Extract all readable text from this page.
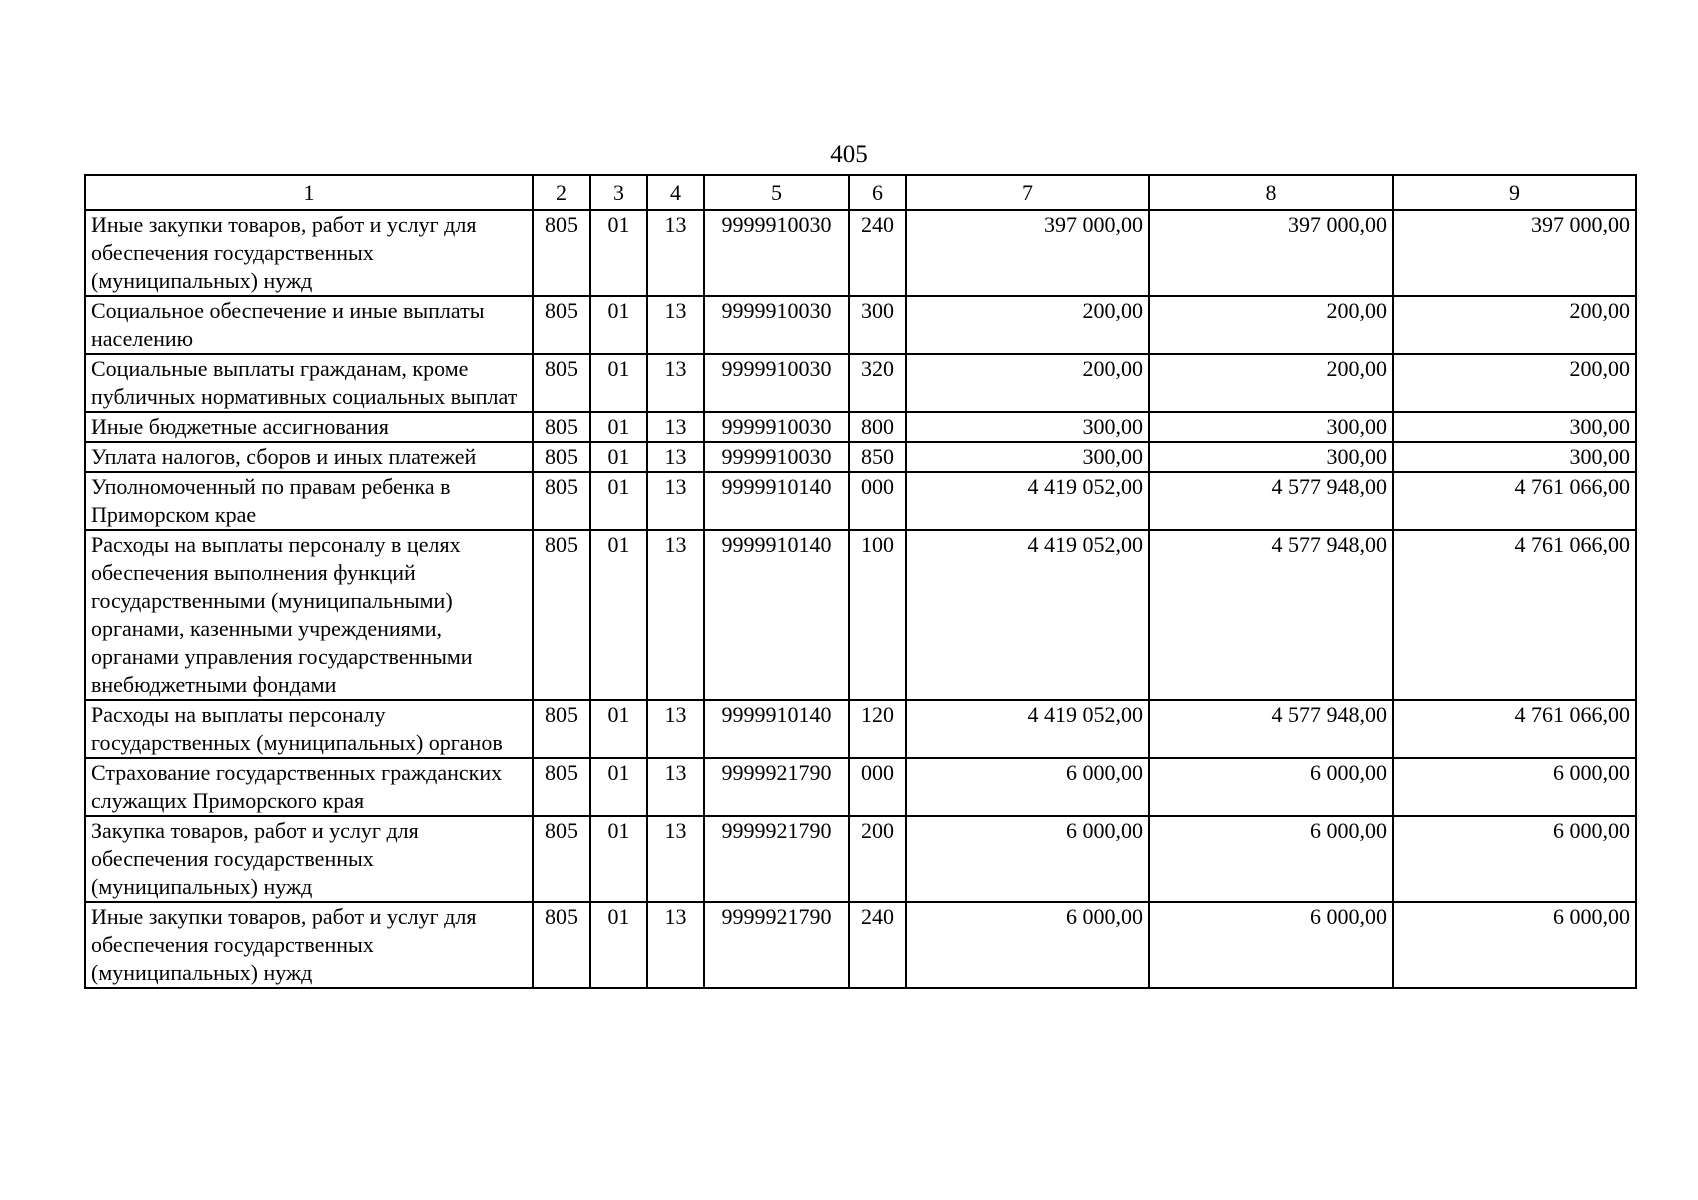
405
1	2	3	4	5	6	7	8	9
Иные закупки товаров, работ и услуг для обеспечения государственных (муниципальных) нужд	805	01	13	9999910030	240	397 000,00	397 000,00	397 000,00
Социальное обеспечение и иные выплаты населению	805	01	13	9999910030	300	200,00	200,00	200,00
Социальные выплаты гражданам, кроме публичных нормативных социальных выплат	805	01	13	9999910030	320	200,00	200,00	200,00
Иные бюджетные ассигнования	805	01	13	9999910030	800	300,00	300,00	300,00
Уплата налогов, сборов и иных платежей	805	01	13	9999910030	850	300,00	300,00	300,00
Уполномоченный по правам ребенка в Приморском крае	805	01	13	9999910140	000	4 419 052,00	4 577 948,00	4 761 066,00
Расходы на выплаты персоналу в целях обеспечения выполнения функций государственными (муниципальными) органами, казенными учреждениями, органами управления государственными внебюджетными фондами	805	01	13	9999910140	100	4 419 052,00	4 577 948,00	4 761 066,00
Расходы на выплаты персоналу государственных (муниципальных) органов	805	01	13	9999910140	120	4 419 052,00	4 577 948,00	4 761 066,00
Страхование государственных гражданских служащих Приморского края	805	01	13	9999921790	000	6 000,00	6 000,00	6 000,00
Закупка товаров, работ и услуг для обеспечения государственных (муниципальных) нужд	805	01	13	9999921790	200	6 000,00	6 000,00	6 000,00
Иные закупки товаров, работ и услуг для обеспечения государственных (муниципальных) нужд	805	01	13	9999921790	240	6 000,00	6 000,00	6 000,00
